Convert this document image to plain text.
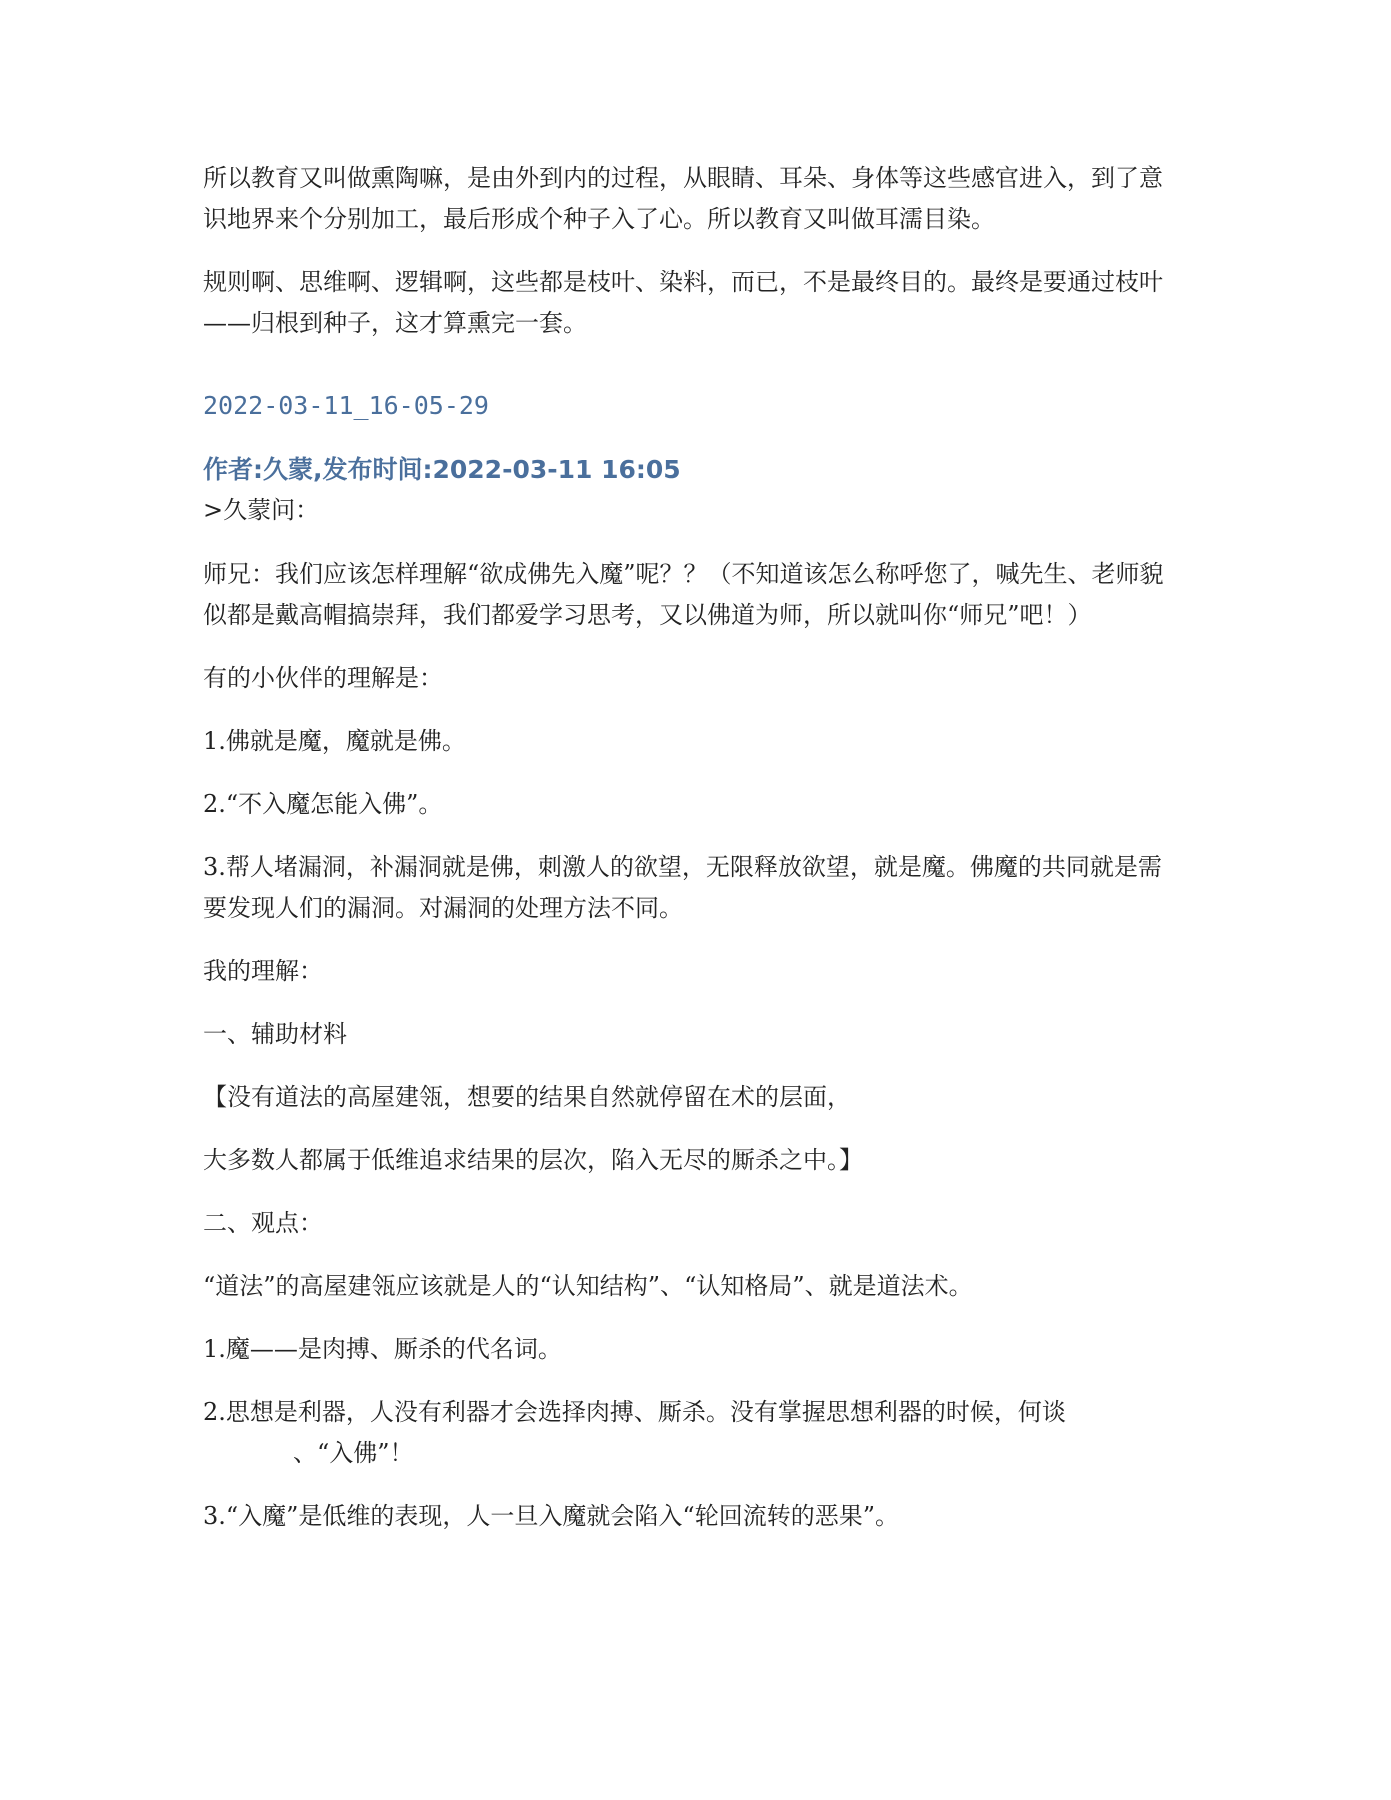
所以教育又叫做熏陶嘛，是由外到内的过程，从眼睛、耳朵、身体等这些感官进入，到了意识地界来个分别加工，最后形成个种子入了心。所以教育又叫做耳濡目染。

规则啊、思维啊、逻辑啊，这些都是枝叶、染料，而已，不是最终目的。最终是要通过枝叶——归根到种子，这才算熏完一套。

2022-03-11_16-05-29

作者:久蒙,发布时间:2022-03-11 16:05

>久蒙问：

师兄：我们应该怎样理解“欲成佛先入魔”呢？？（不知道该怎么称呼您了，喊先生、老师貌似都是戴高帽搞崇拜，我们都爱学习思考，又以佛道为师，所以就叫你“师兄”吧！）

有的小伙伴的理解是：

1.佛就是魔，魔就是佛。

2.“不入魔怎能入佛”。

3.帮人堵漏洞，补漏洞就是佛，刺激人的欲望，无限释放欲望，就是魔。佛魔的共同就是需要发现人们的漏洞。对漏洞的处理方法不同。

我的理解：

一、辅助材料

【没有道法的高屋建瓴，想要的结果自然就停留在术的层面，

大多数人都属于低维追求结果的层次，陷入无尽的厮杀之中。】

二、观点：

“道法”的高屋建瓴应该就是人的“认知结构”、“认知格局”、就是道法术。

1.魔——是肉搏、厮杀的代名词。

2.思想是利器，人没有利器才会选择肉搏、厮杀。没有掌握思想利器的时候，何谈
、“入佛”！

3.“入魔”是低维的表现，人一旦入魔就会陷入“轮回流转的恶果”。
